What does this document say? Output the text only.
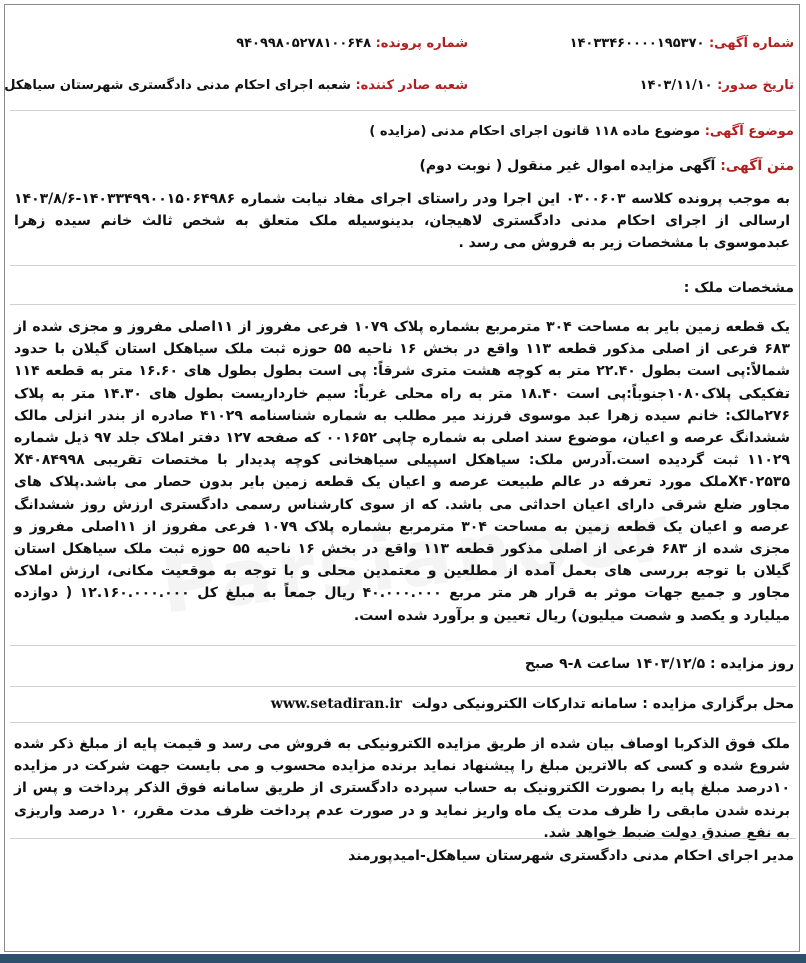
شماره آگهی: ۱۴۰۳۳۴۶۰۰۰۰۱۹۵۳۷۰
شماره پرونده: ۹۴۰۹۹۸۰۵۲۷۸۱۰۰۶۴۸
تاریخ صدور: ۱۴۰۳/۱۱/۱۰
شعبه صادر کننده: شعبه اجرای احکام مدنی دادگستری شهرستان سیاهکل
موضوع آگهی: موضوع ماده ۱۱۸ قانون اجرای احکام مدنی (مزایده )
متن آگهی: آگهی مزایده اموال غیر منقول ( نوبت دوم)
به موجب پرونده کلاسه ۰۳۰۰۶۰۳ این اجرا ودر راستای اجرای مفاد نیابت شماره ۱۴۰۳۳۴۹۹۰۰۱۵۰۶۴۹۸۶-۱۴۰۳/۸/۶ ارسالی از اجرای احکام مدنی دادگستری لاهیجان، بدینوسیله ملک متعلق به شخص ثالث خانم سیده زهرا عبدموسوی با مشخصات زیر به فروش می رسد .
مشخصات ملک :
یک قطعه زمین بایر به مساحت ۳۰۴ مترمربع بشماره پلاک ۱۰۷۹ فرعی مفروز از ۱۱اصلی مفروز و مجزی شده از ۶۸۳ فرعی از اصلی مذکور قطعه ۱۱۳ واقع در بخش ۱۶ ناحیه ۵۵ حوزه ثبت ملک سیاهکل استان گیلان با حدود شمالاً:پی است بطول ۲۲.۴۰ متر به کوچه هشت متری شرقاً: پی است بطول بطول های ۱۶.۶۰ متر به قطعه ۱۱۴ تفکیکی پلاک۱۰۸۰جنوباً:پی است ۱۸.۴۰ متر به راه محلی غرباً: سیم خارداریست بطول های ۱۴.۳۰ متر به پلاک ۲۷۶مالک: خانم سیده زهرا عبد موسوی فرزند میر مطلب به شماره شناسنامه ۴۱۰۲۹ صادره از بندر انزلی مالک ششدانگ عرصه و اعیان، موضوع سند اصلی به شماره چاپی ۰۰۱۶۵۲ که صفحه ۱۲۷ دفتر املاک جلد ۹۷ ذیل شماره ۱۱۰۲۹ ثبت گردیده است.آدرس ملک: سیاهکل اسپیلی سیاهخانی کوچه پدیدار با مختصات تقریبی X۴۰۸۴۹۹۸ X۴۰۲۵۳۵ملک مورد تعرفه در عالم طبیعت عرصه و اعیان یک قطعه زمین بایر بدون حصار می باشد.پلاک های مجاور ضلع شرقی دارای اعیان احداثی می باشد. که از سوی کارشناس رسمی دادگستری ارزش روز ششدانگ عرصه و اعیان یک قطعه زمین به مساحت ۳۰۴ مترمربع بشماره پلاک ۱۰۷۹ فرعی مفروز از ۱۱اصلی مفروز و مجزی شده از ۶۸۳ فرعی از اصلی مذکور قطعه ۱۱۳ واقع در بخش ۱۶ ناحیه ۵۵ حوزه ثبت ملک سیاهکل استان گیلان با توجه بررسی های بعمل آمده از مطلعین و معتمدین محلی و با توجه به موقعیت مکانی، ارزش املاک مجاور و جمیع جهات موثر به قرار هر متر مربع ۴۰.۰۰۰.۰۰۰ ریال جمعاً به مبلغ کل ۱۲.۱۶۰.۰۰۰.۰۰۰ ( دوازده میلیارد و یکصد و شصت میلیون) ریال تعیین و برآورد شده است.
روز مزایده : ۱۴۰۳/۱۲/۵ ساعت ۸-۹ صبح
محل برگزاری مزایده : سامانه تدارکات الکترونیکی دولت  www.setadiran.ir
ملک فوق الذکربا اوصاف بیان شده از طریق مزایده الکترونیکی به فروش می رسد و قیمت پایه از مبلغ ذکر شده شروع شده و کسی که بالاترین مبلغ را پیشنهاد نماید برنده مزایده محسوب و می بایست جهت شرکت در مزایده ۱۰درصد مبلغ پایه را بصورت الکترونیک به حساب سپرده دادگستری از طریق سامانه فوق الذکر پرداخت و پس از برنده شدن مابقی را ظرف مدت یک ماه واریز نماید و در صورت عدم پرداخت ظرف مدت مقرر، ۱۰ درصد واریزی به نفع صندق دولت ضبط خواهد شد.
مدیر اجرای احکام مدنی دادگستری شهرستان سیاهکل-امیدپورمند
